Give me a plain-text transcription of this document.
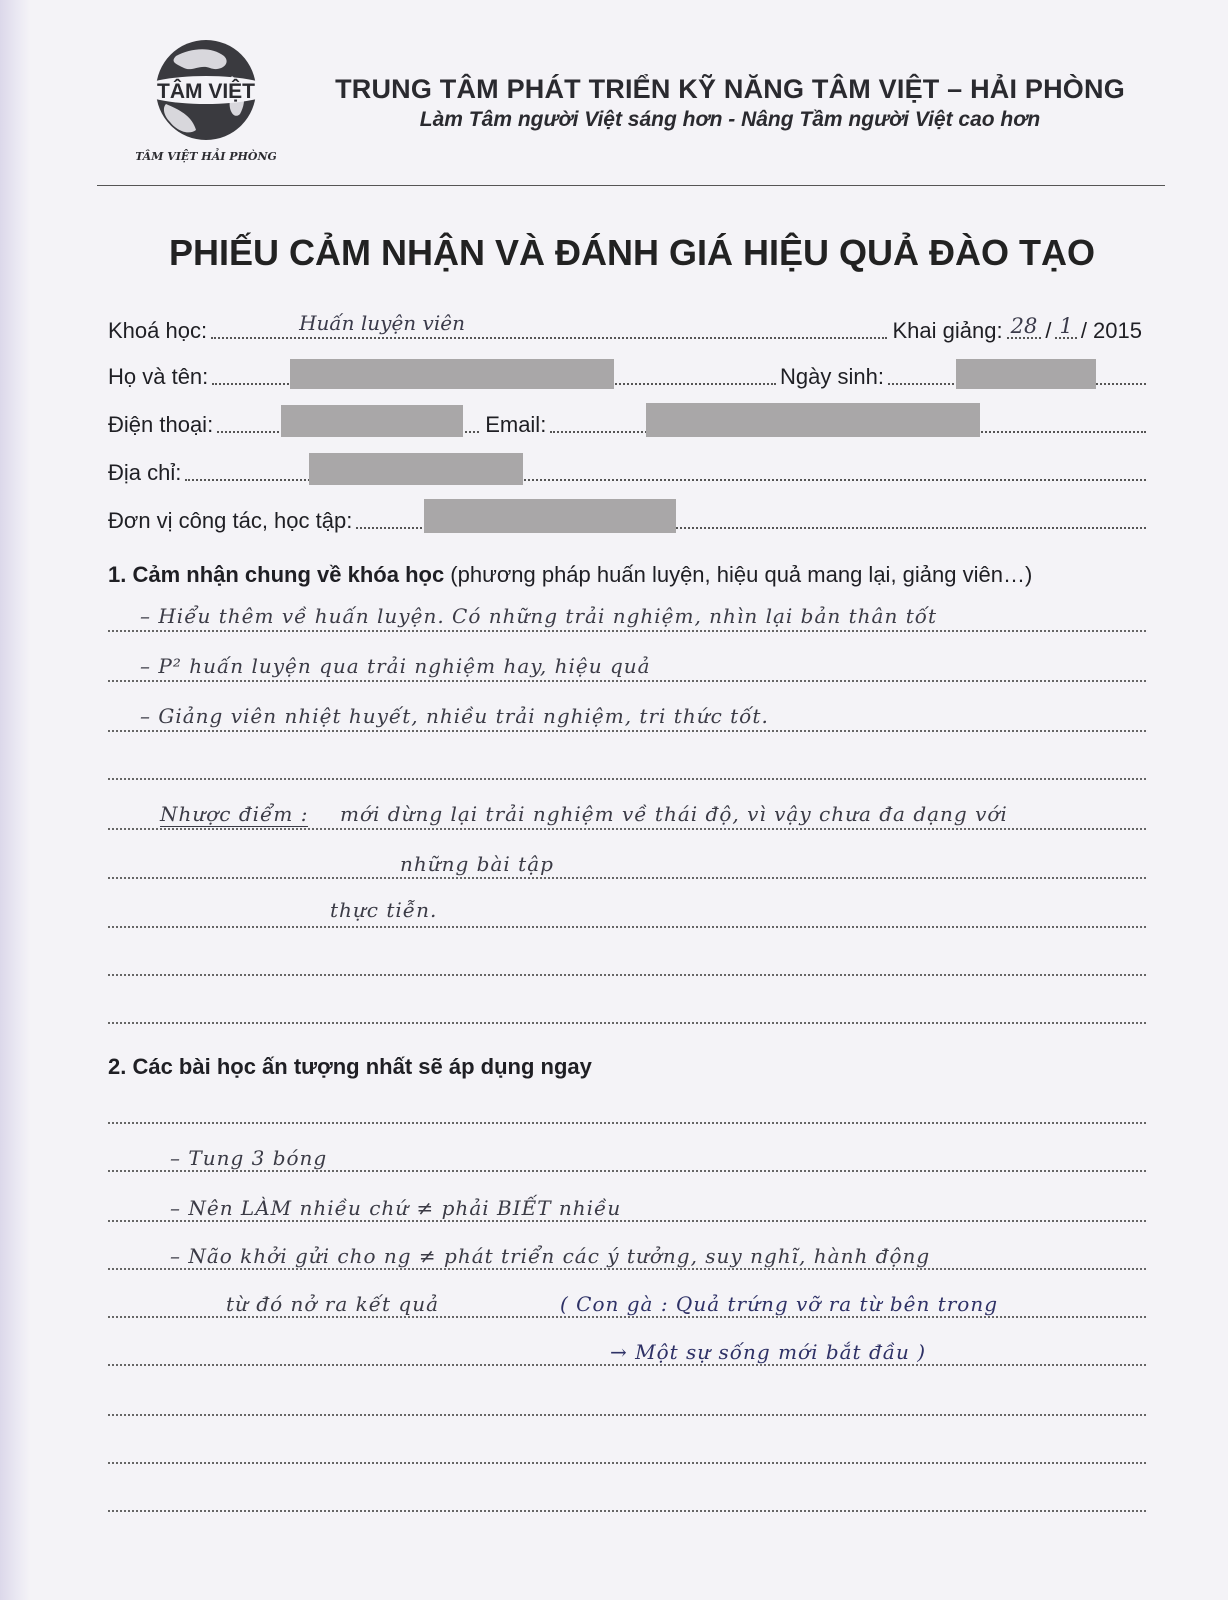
TÂM VIỆT
TÂM VIỆT HẢI PHÒNG
TRUNG TÂM PHÁT TRIỂN KỸ NĂNG TÂM VIỆT – HẢI PHÒNG
Làm Tâm người Việt sáng hơn - Nâng Tầm người Việt cao hơn
PHIẾU CẢM NHẬN VÀ ĐÁNH GIÁ HIỆU QUẢ ĐÀO TẠO
Khoá học:	Huấn luyện viên	Khai giảng: 28 / 1 / 2015
Họ và tên:	Ngày sinh:
Điện thoại:	Email:
Địa chỉ:
Đơn vị công tác, học tập:
1. Cảm nhận chung về khóa học (phương pháp huấn luyện, hiệu quả mang lại, giảng viên…)
– Hiểu thêm về huấn luyện. Có những trải nghiệm, nhìn lại bản thân tốt
– P² huấn luyện qua trải nghiệm hay, hiệu quả
– Giảng viên nhiệt huyết, nhiều trải nghiệm, tri thức tốt.
Nhược điểm : mới dừng lại trải nghiệm về thái độ, vì vậy chưa đa dạng với
những bài tập
thực tiễn.
2. Các bài học ấn tượng nhất sẽ áp dụng ngay
– Tung 3 bóng
– Nên LÀM nhiều chứ ≠ phải BIẾT nhiều
– Não khởi gửi cho ng ≠ phát triển các ý tưởng, suy nghĩ, hành động
từ đó nở ra kết quả	( Con gà : Quả trứng vỡ ra từ bên trong
→ Một sự sống mới bắt đầu )
